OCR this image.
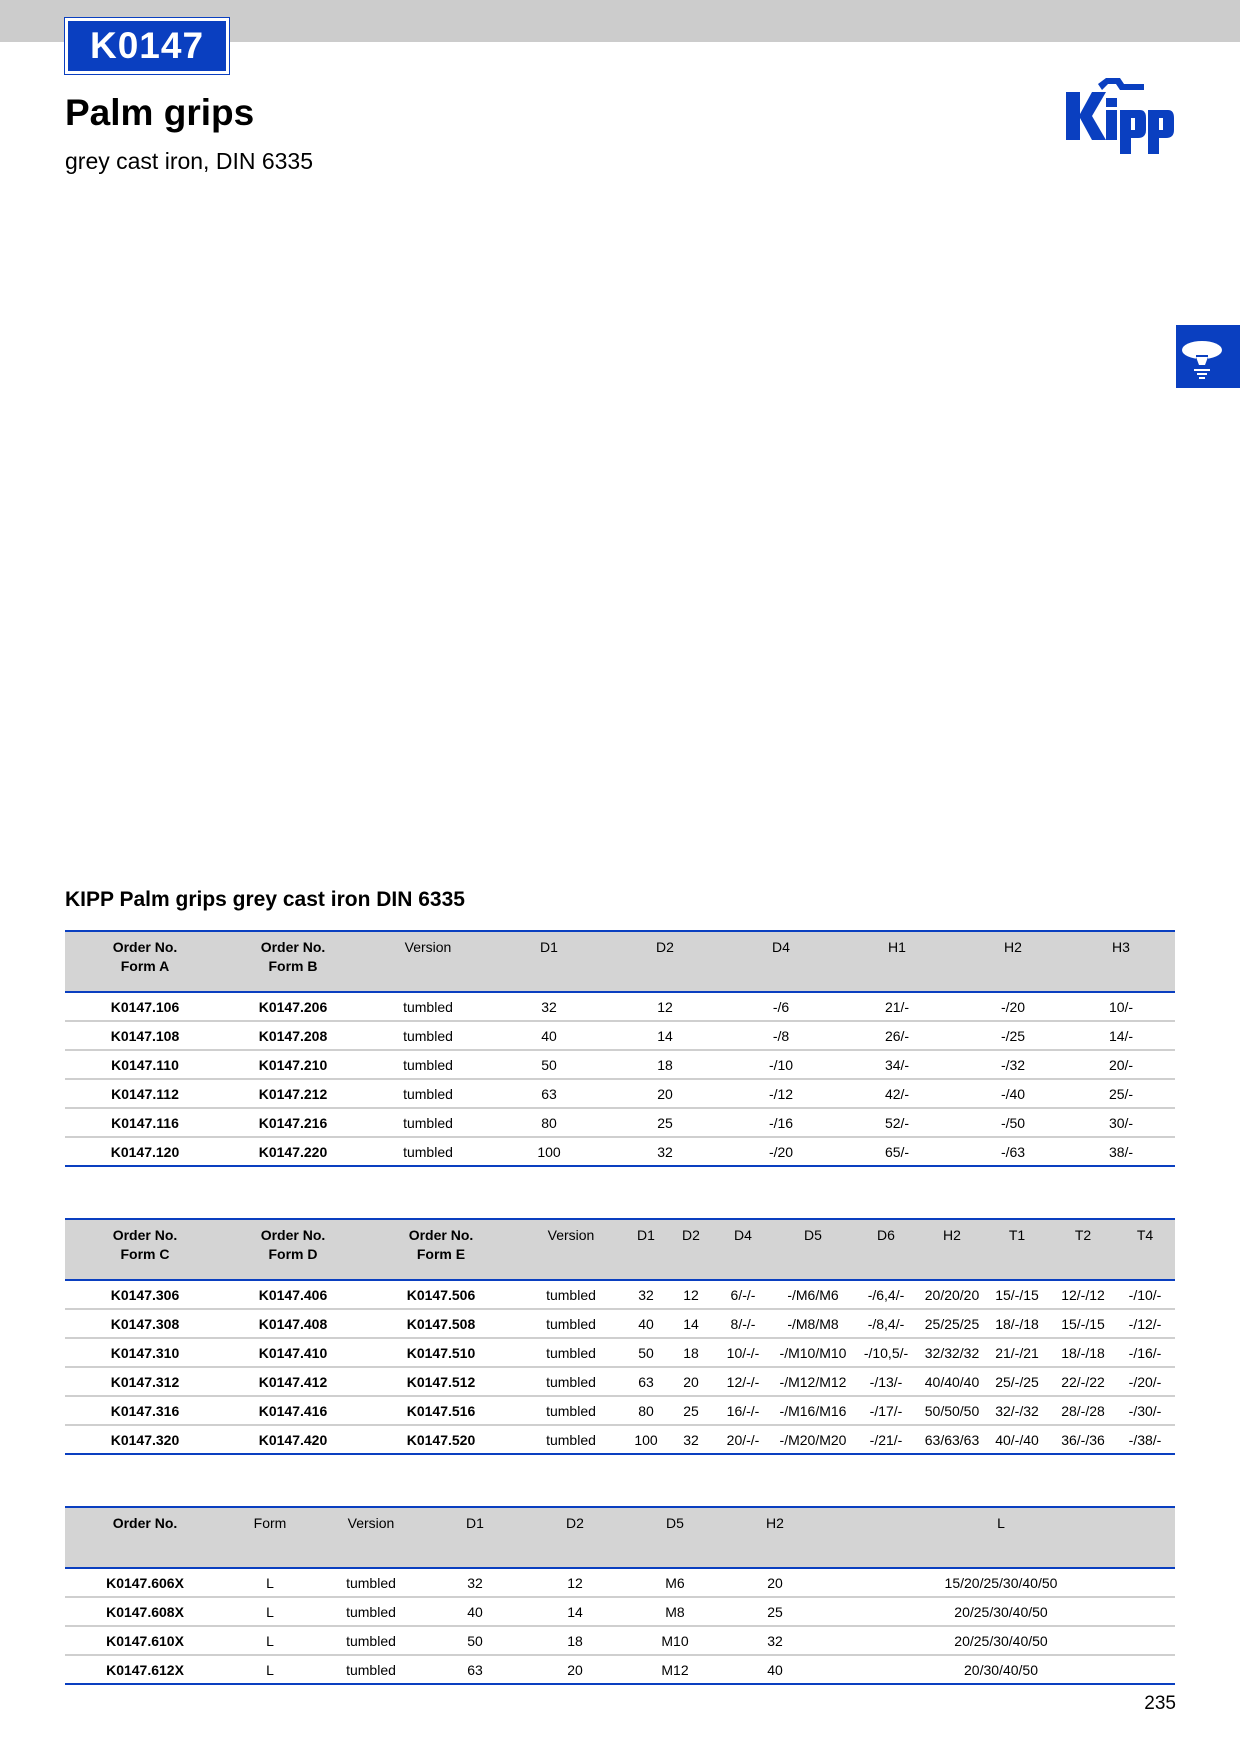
K0147
Palm grips

grey cast iron, DIN 6335

KIPP Palm grips grey cast iron DIN 6335
Order No.
Form A	Order No.
Form B	Version	D1	D2	D4	H1	H2	H3
K0147.106	K0147.206	tumbled	32	12	-/6	21/-	-/20	10/-
K0147.108	K0147.208	tumbled	40	14	-/8	26/-	-/25	14/-
K0147.110	K0147.210	tumbled	50	18	-/10	34/-	-/32	20/-
K0147.112	K0147.212	tumbled	63	20	-/12	42/-	-/40	25/-
K0147.116	K0147.216	tumbled	80	25	-/16	52/-	-/50	30/-
K0147.120	K0147.220	tumbled	100	32	-/20	65/-	-/63	38/-
Order No.
Form C	Order No.
Form D	Order No.
Form E	Version	D1	D2	D4	D5	D6	H2	T1	T2	T4
K0147.306	K0147.406	K0147.506	tumbled	32	12	6/-/-	-/M6/M6	-/6,4/-	20/20/20	15/-/15	12/-/12	-/10/-
K0147.308	K0147.408	K0147.508	tumbled	40	14	8/-/-	-/M8/M8	-/8,4/-	25/25/25	18/-/18	15/-/15	-/12/-
K0147.310	K0147.410	K0147.510	tumbled	50	18	10/-/-	-/M10/M10	-/10,5/-	32/32/32	21/-/21	18/-/18	-/16/-
K0147.312	K0147.412	K0147.512	tumbled	63	20	12/-/-	-/M12/M12	-/13/-	40/40/40	25/-/25	22/-/22	-/20/-
K0147.316	K0147.416	K0147.516	tumbled	80	25	16/-/-	-/M16/M16	-/17/-	50/50/50	32/-/32	28/-/28	-/30/-
K0147.320	K0147.420	K0147.520	tumbled	100	32	20/-/-	-/M20/M20	-/21/-	63/63/63	40/-/40	36/-/36	-/38/-
Order No.	Form	Version	D1	D2	D5	H2	L
K0147.606X	L	tumbled	32	12	M6	20	15/20/25/30/40/50
K0147.608X	L	tumbled	40	14	M8	25	20/25/30/40/50
K0147.610X	L	tumbled	50	18	M10	32	20/25/30/40/50
K0147.612X	L	tumbled	63	20	M12	40	20/30/40/50
235
